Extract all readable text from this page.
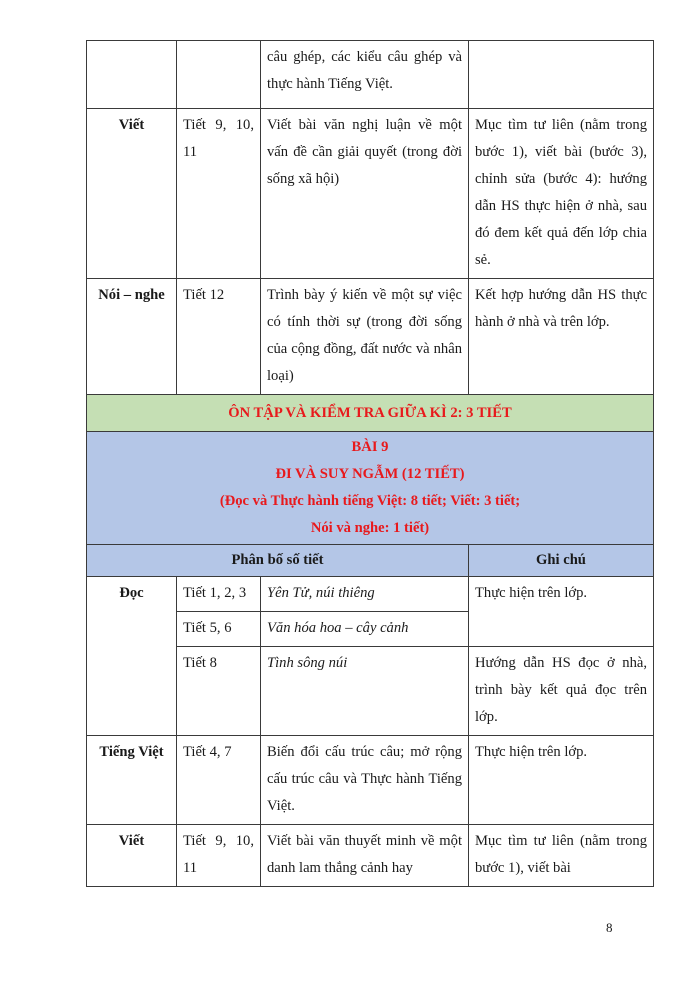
		câu ghép, các kiểu câu ghép và thực hành Tiếng Việt.	
Viết	Tiết 9, 10, 11	Viết bài văn nghị luận về một vấn đề cần giải quyết (trong đời sống xã hội)	Mục tìm tư liên (nằm trong bước 1), viết bài (bước 3), chỉnh sửa (bước 4): hướng dẫn HS thực hiện ở nhà, sau đó đem kết quả đến lớp chia sẻ.
Nói – nghe	Tiết 12	Trình bày ý kiến về một sự việc có tính thời sự (trong đời sống của cộng đồng, đất nước và nhân loại)	Kết hợp hướng dẫn HS thực hành ở nhà và trên lớp.
ÔN TẬP VÀ KIỂM TRA GIỮA KÌ 2: 3 TIẾT			

BÀI 9
ĐI VÀ SUY NGẪM (12 TIẾT)
(Đọc và Thực hành tiếng Việt: 8 tiết; Viết: 3 tiết;
Nói và nghe: 1 tiết)			

Phân bố số tiết			Ghi chú
Đọc	Tiết 1, 2, 3	Yên Tử, núi thiêng	Thực hiện trên lớp.
	Tiết 5, 6	Văn hóa hoa – cây cảnh	
	Tiết 8	Tình sông núi	Hướng dẫn HS đọc ở nhà, trình bày kết quả đọc trên lớp.
Tiếng Việt	Tiết 4, 7	Biến đổi cấu trúc câu; mở rộng cấu trúc câu và Thực hành Tiếng Việt.	Thực hiện trên lớp.
Viết	Tiết 9, 10, 11	Viết bài văn thuyết minh về một danh lam thắng cảnh hay	Mục tìm tư liên (nằm trong bước 1), viết bài
8
